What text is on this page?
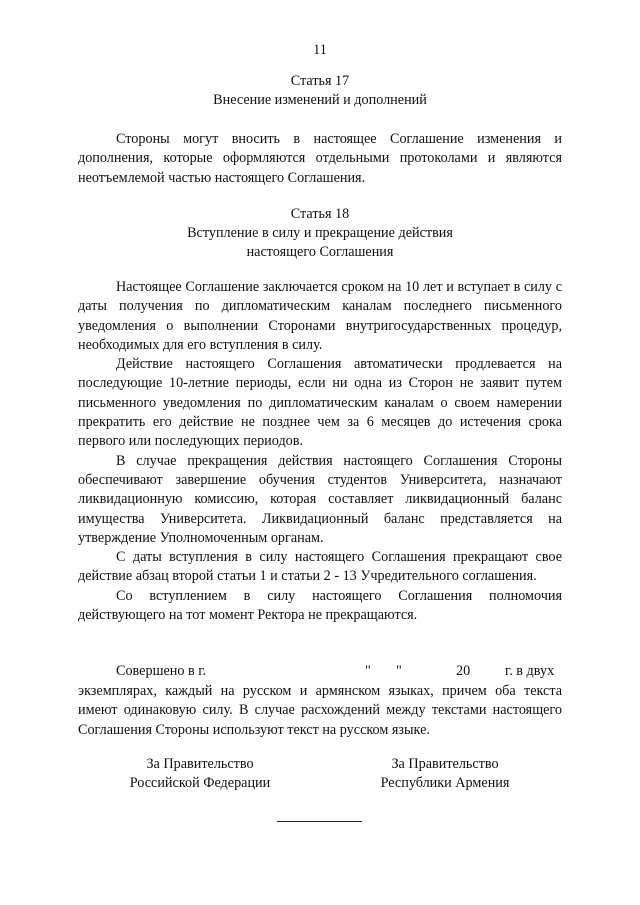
11
Статья 17
Внесение изменений и дополнений

Стороны могут вносить в настоящее Соглашение изменения и дополнения, которые оформляются отдельными протоколами и являются неотъемлемой частью настоящего Соглашения.

Статья 18
Вступление в силу и прекращение действия
настоящего Соглашения

Настоящее Соглашение заключается сроком на 10 лет и вступает в силу с даты получения по дипломатическим каналам последнего письменного уведомления о выполнении Сторонами внутригосударственных процедур, необходимых для его вступления в силу.

Действие настоящего Соглашения автоматически продлевается на последующие 10-летние периоды, если ни одна из Сторон не заявит путем письменного уведомления по дипломатическим каналам о своем намерении прекратить его действие не позднее чем за 6 месяцев до истечения срока первого или последующих периодов.

В случае прекращения действия настоящего Соглашения Стороны обеспечивают завершение обучения студентов Университета, назначают ликвидационную комиссию, которая составляет ликвидационный баланс имущества Университета. Ликвидационный баланс представляется на утверждение Уполномоченным органам.

С даты вступления в силу настоящего Соглашения прекращают свое действие абзац второй статьи 1 и статьи 2 - 13 Учредительного соглашения.

Со вступлением в силу настоящего Соглашения полномочия действующего на тот момент Ректора не прекращаются.

Совершено в г.	" "	20 г. в двух

экземплярах, каждый на русском и армянском языках, причем оба текста имеют одинаковую силу. В случае расхождений между текстами настоящего Соглашения Стороны используют текст на русском языке.

За Правительство
Российской Федерации
За Правительство
Республики Армения
